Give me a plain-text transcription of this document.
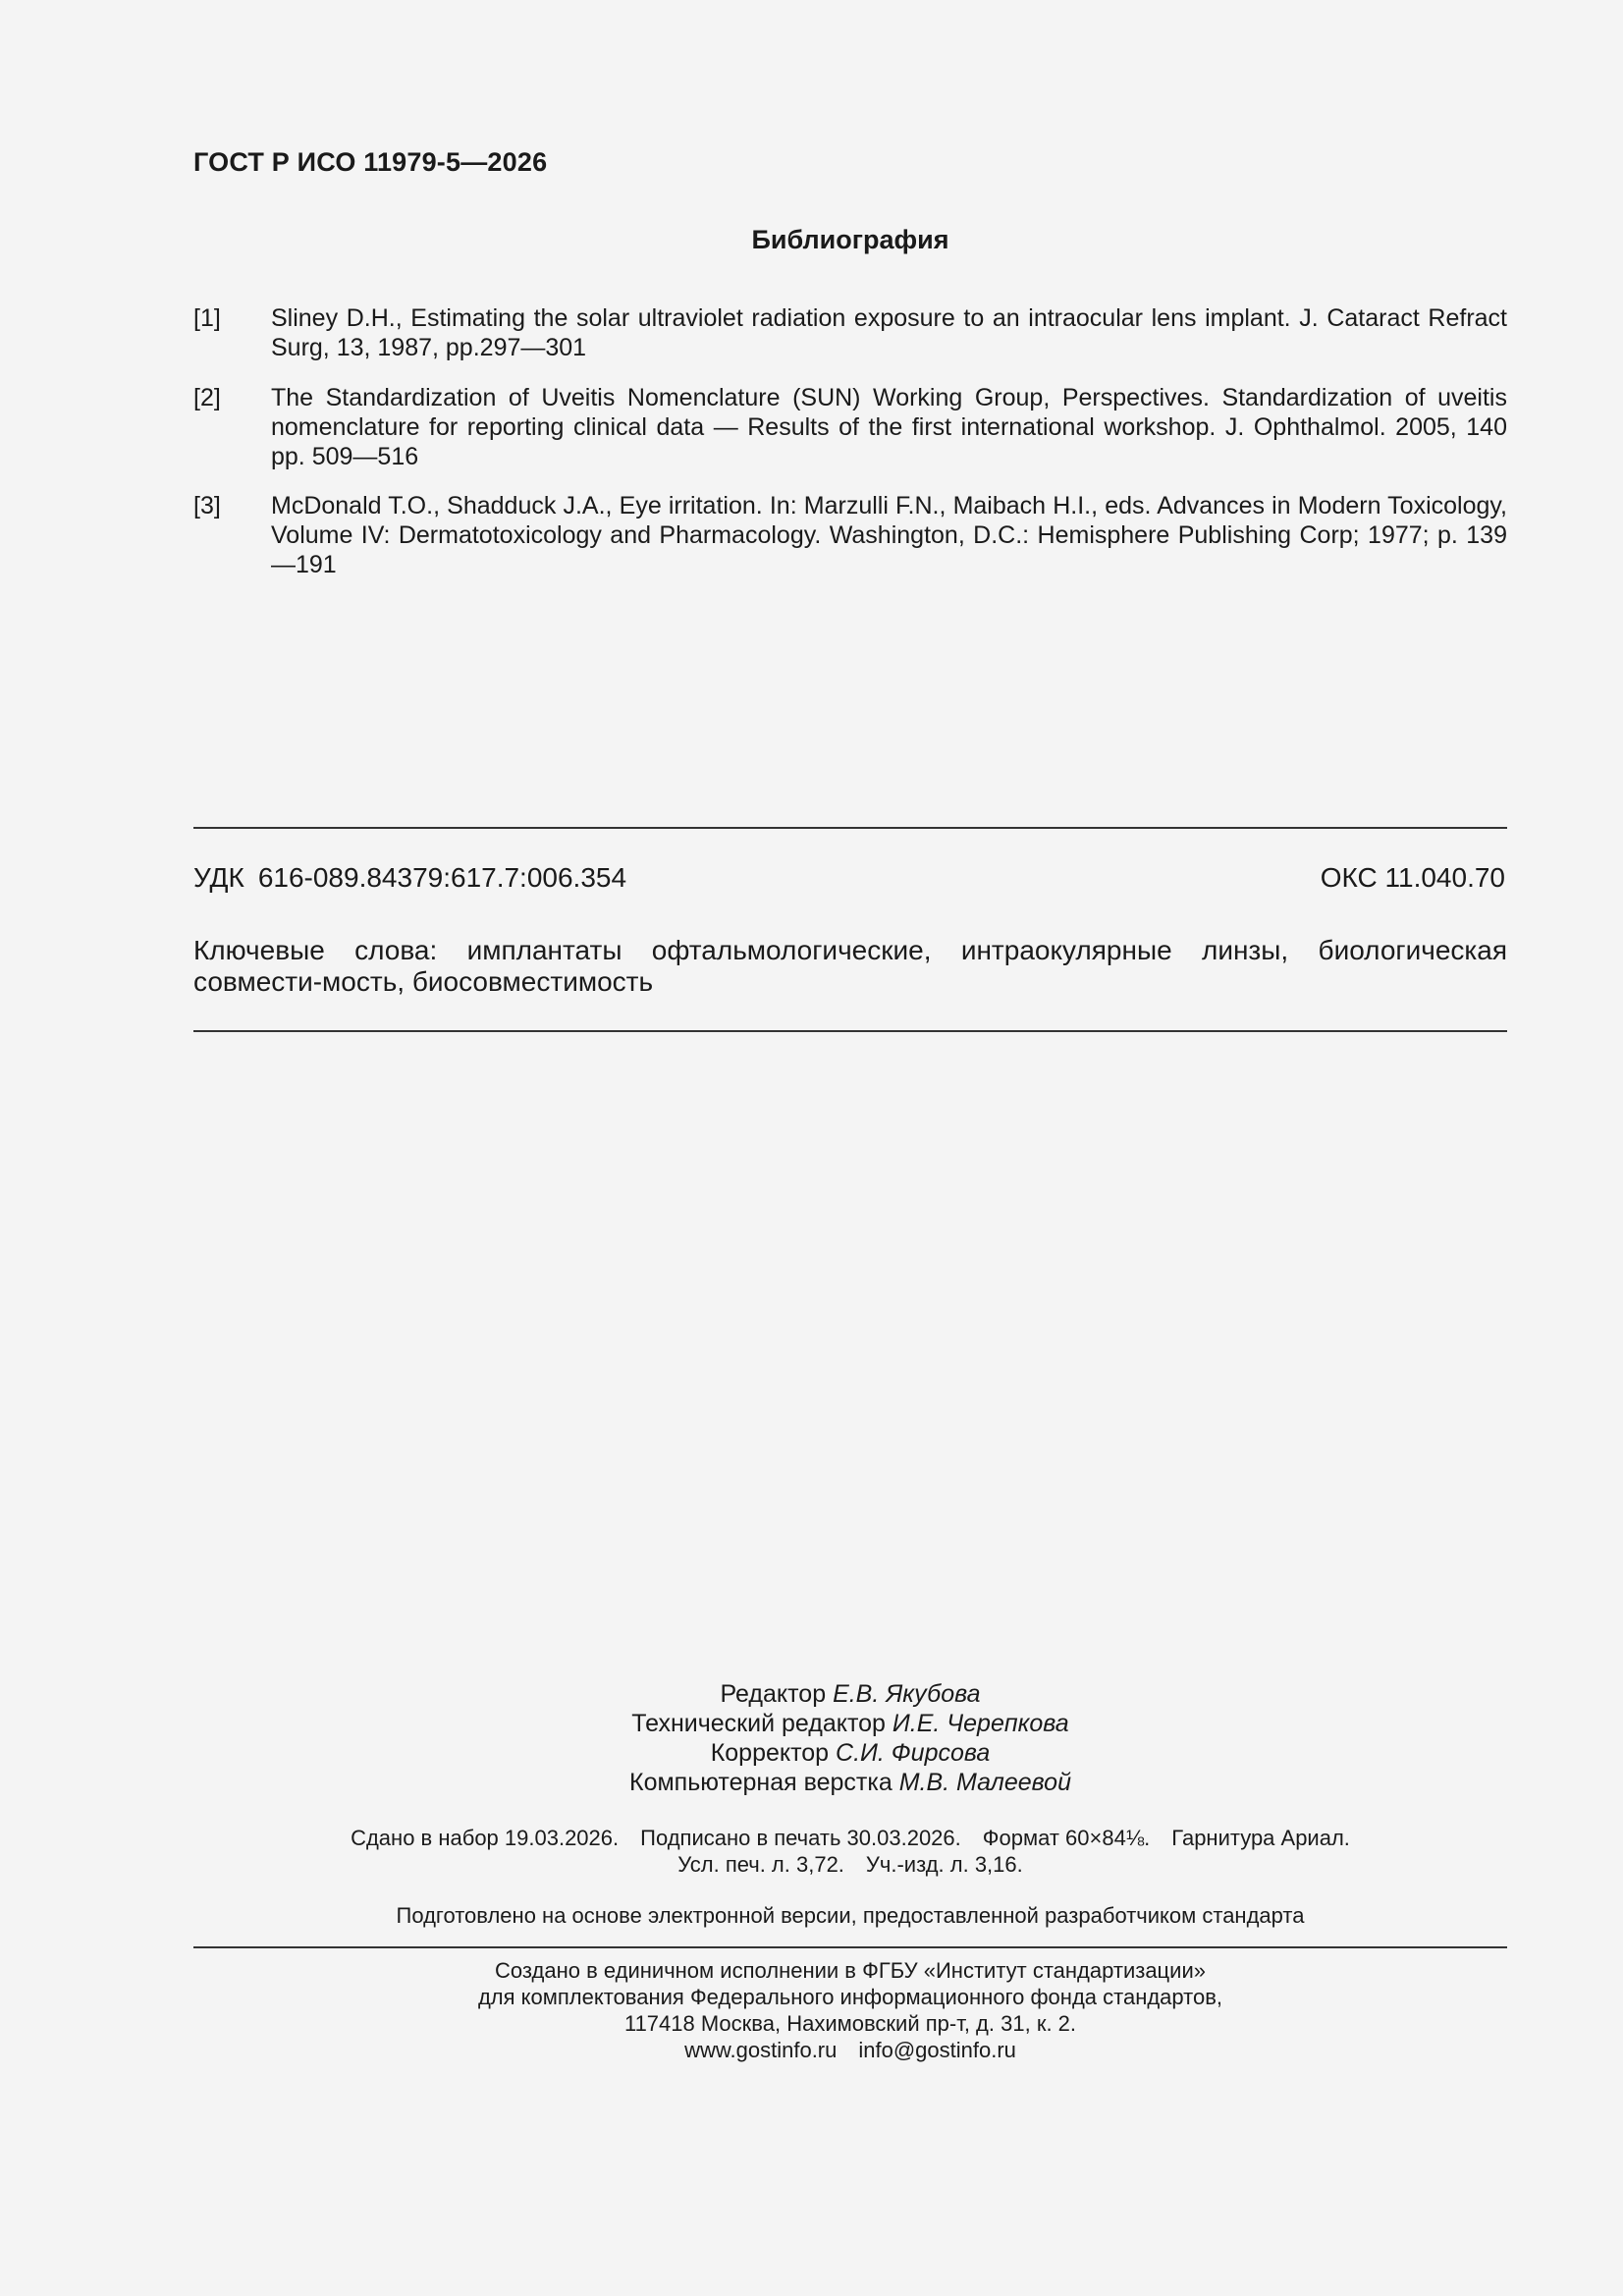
ГОСТ Р ИСО 11979-5—2026
Библиография
[1] Sliney D.H., Estimating the solar ultraviolet radiation exposure to an intraocular lens implant. J. Cataract Refract Surg, 13, 1987, pp.297—301
[2] The Standardization of Uveitis Nomenclature (SUN) Working Group, Perspectives. Standardization of uveitis nomenclature for reporting clinical data — Results of the first international workshop. J. Ophthalmol. 2005, 140 pp. 509—516
[3] McDonald T.O., Shadduck J.A., Eye irritation. In: Marzulli F.N., Maibach H.I., eds. Advances in Modern Toxicology, Volume IV: Dermatotoxicology and Pharmacology. Washington, D.C.: Hemisphere Publishing Corp; 1977; p. 139—191
УДК 616-089.84379:617.7:006.354	ОКС 11.040.70
Ключевые слова: имплантаты офтальмологические, интраокулярные линзы, биологическая совмести-мость, биосовместимость
Редактор Е.В. Якубова
Технический редактор И.Е. Черепкова
Корректор С.И. Фирсова
Компьютерная верстка М.В. Малеевой
Сдано в набор 19.03.2026. Подписано в печать 30.03.2026. Формат 60×84⅛. Гарнитура Ариал.
Усл. печ. л. 3,72. Уч.-изд. л. 3,16.
Подготовлено на основе электронной версии, предоставленной разработчиком стандарта
Создано в единичном исполнении в ФГБУ «Институт стандартизации»
для комплектования Федерального информационного фонда стандартов,
117418 Москва, Нахимовский пр-т, д. 31, к. 2.
www.gostinfo.ru info@gostinfo.ru
